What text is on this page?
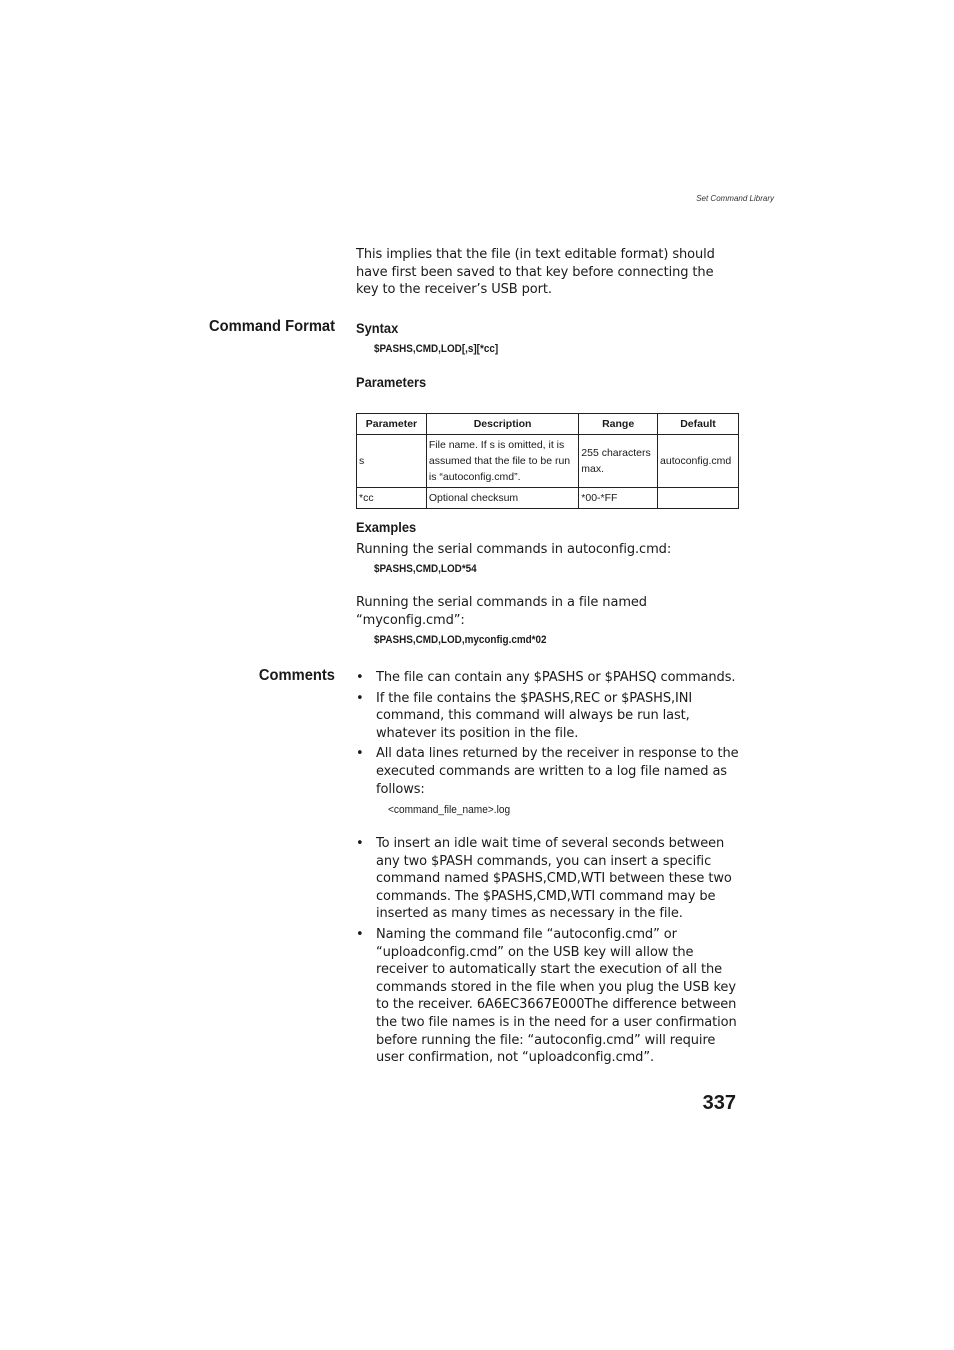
Set Command Library
This implies that the file (in text editable format) should have first been saved to that key before connecting the key to the receiver’s USB port.
Command Format Syntax
$PASHS,CMD,LOD[,s][*cc]
Parameters
Parameter	Description	Range	Default
s	File name. If s is omitted, it is assumed that the file to be run is “autoconfig.cmd”.	255 characters max.	autoconfig.cmd
*cc	Optional checksum	*00-*FF	
Examples
Running the serial commands in autoconfig.cmd:
$PASHS,CMD,LOD*54
Running the serial commands in a file named “myconfig.cmd”:
$PASHS,CMD,LOD,myconfig.cmd*02
Comments • The file can contain any $PASHS or $PAHSQ commands.
• If the file contains the $PASHS,REC or $PASHS,INI command, this command will always be run last, whatever its position in the file.
• All data lines returned by the receiver in response to the executed commands are written to a log file named as follows:
<command_file_name>.log
• To insert an idle wait time of several seconds between any two $PASH commands, you can insert a specific command named $PASHS,CMD,WTI between these two commands. The $PASHS,CMD,WTI command may be inserted as many times as necessary in the file.
• Naming the command file “autoconfig.cmd” or “uploadconfig.cmd” on the USB key will allow the receiver to automatically start the execution of all the commands stored in the file when you plug the USB key to the receiver. 6A6EC3667E000The difference between the two file names is in the need for a user confirmation before running the file: “autoconfig.cmd” will require user confirmation, not “uploadconfig.cmd”.
337
